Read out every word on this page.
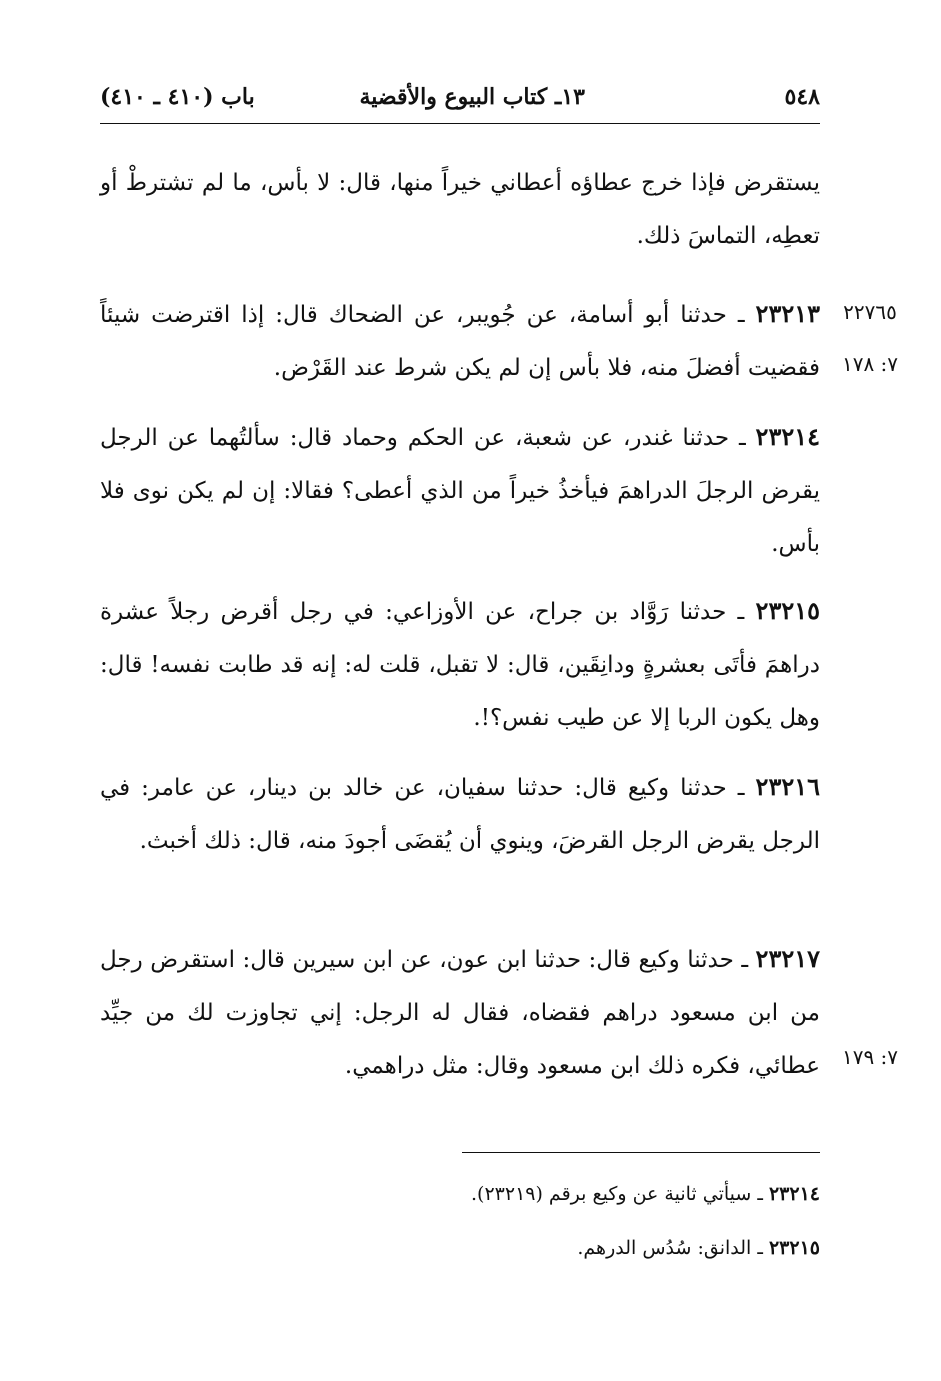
٥٤٨
١٣ـ كتاب البيوع والأقضية
باب (٤١٠ ـ ٤١٠)
يستقرض فإذا خرج عطاؤه أعطاني خيراً منها، قال: لا بأس، ما لم تشترطْ أو تعطِه، التماسَ ذلك.
٢٣٢١٣ ـ حدثنا أبو أسامة، عن جُويبر، عن الضحاك قال: إذا اقترضت شيئاً فقضيت أفضلَ منه، فلا بأس إن لم يكن شرط عند القَرْض.
٢٣٢١٤ ـ حدثنا غندر، عن شعبة، عن الحكم وحماد قال: سألتُهما عن الرجل يقرض الرجلَ الدراهمَ فيأخذُ خيراً من الذي أعطى؟ فقالا: إن لم يكن نوى فلا بأس.
٢٣٢١٥ ـ حدثنا رَوَّاد بن جراح، عن الأوزاعي: في رجل أقرض رجلاً عشرة دراهمَ فأتَى بعشرةٍ ودانِقَين، قال: لا تقبل، قلت له: إنه قد طابت نفسه! قال: وهل يكون الربا إلا عن طيب نفس؟!.
٢٣٢١٦ ـ حدثنا وكيع قال: حدثنا سفيان، عن خالد بن دينار، عن عامر: في الرجل يقرض الرجل القرضَ، وينوي أن يُقضَى أجودَ منه، قال: ذلك أخبث.
٢٣٢١٧ ـ حدثنا وكيع قال: حدثنا ابن عون، عن ابن سيرين قال: استقرض رجل من ابن مسعود دراهم فقضاه، فقال له الرجل: إني تجاوزت لك من جيِّد عطائي، فكره ذلك ابن مسعود وقال: مثل دراهمي.
٢٢٧٦٥
٧: ١٧٨
٧: ١٧٩
٢٣٢١٤ ـ سيأتي ثانية عن وكيع برقم (٢٣٢١٩).
٢٣٢١٥ ـ الدانق: سُدُس الدرهم.
